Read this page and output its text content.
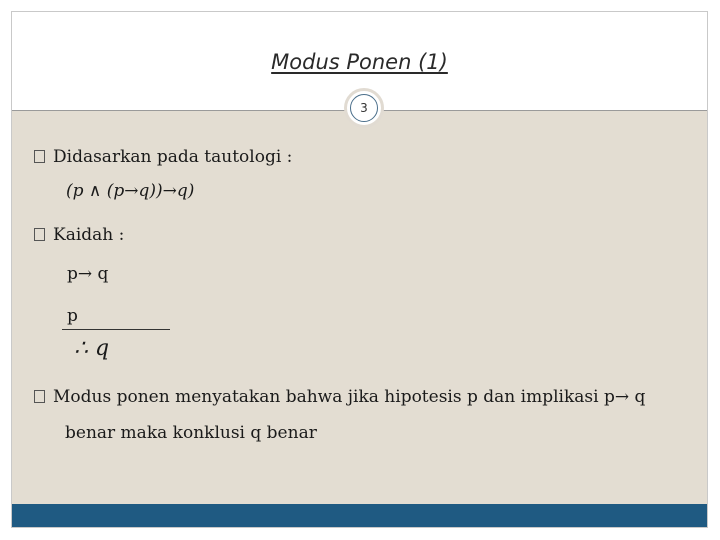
Modus Ponen (1)
Didasarkan pada tautologi :
(p ∧ (p→q))→q)
Kaidah :
p→ q
p
∴ q
Modus ponen menyatakan bahwa jika hipotesis p dan implikasi p→ q
benar maka konklusi q benar
3
